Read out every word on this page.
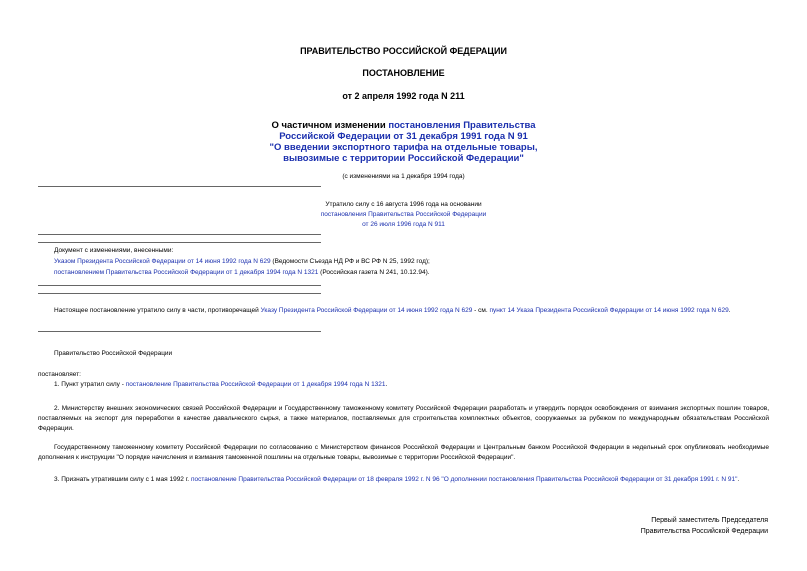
ПРАВИТЕЛЬСТВО РОССИЙСКОЙ ФЕДЕРАЦИИ
ПОСТАНОВЛЕНИЕ
от 2 апреля 1992 года N 211
О частичном изменении постановления Правительства
Российской Федерации от 31 декабря 1991 года N 91
"О введении экспортного тарифа на отдельные товары,
вывозимые с территории Российской Федерации"
(с изменениями на 1 декабря 1994 года)
Утратило силу с 16 августа 1996 года на основании
постановления Правительства Российской Федерации
от 26 июля 1996 года N 911
Документ с изменениями, внесенными:
Указом Президента Российской Федерации от 14 июня 1992 года N 629 (Ведомости Съезда НД РФ и ВС РФ N 25, 1992 год);
постановлением Правительства Российской Федерации от 1 декабря 1994 года N 1321 (Российская газета N 241, 10.12.94).
Настоящее постановление утратило силу в части, противоречащей Указу Президента Российской Федерации от 14 июня 1992 года N 629 - см. пункт 14 Указа Президента Российской Федерации от 14 июня 1992 года N 629.
Правительство Российской Федерации
постановляет:
1. Пункт утратил силу - постановление Правительства Российской Федерации от 1 декабря 1994 года N 1321.
2. Министерству внешних экономических связей Российской Федерации и Государственному таможенному комитету Российской Федерации разработать и утвердить порядок освобождения от взимания экспортных пошлин товаров, поставляемых на экспорт для переработки в качестве давальческого сырья, а также материалов, поставляемых для строительства комплектных объектов, сооружаемых за рубежом по международным обязательствам Российской Федерации.
Государственному таможенному комитету Российской Федерации по согласованию с Министерством финансов Российской Федерации и Центральным банком Российской Федерации в недельный срок опубликовать необходимые дополнения к инструкции "О порядке начисления и взимания таможенной пошлины на отдельные товары, вывозимые с территории Российской Федерации".
3. Признать утратившим силу с 1 мая 1992 г. постановление Правительства Российской Федерации от 18 февраля 1992 г. N 96 "О дополнении постановления Правительства Российской Федерации от 31 декабря 1991 г. N 91".
Первый заместитель Председателя
Правительства Российской Федерации
